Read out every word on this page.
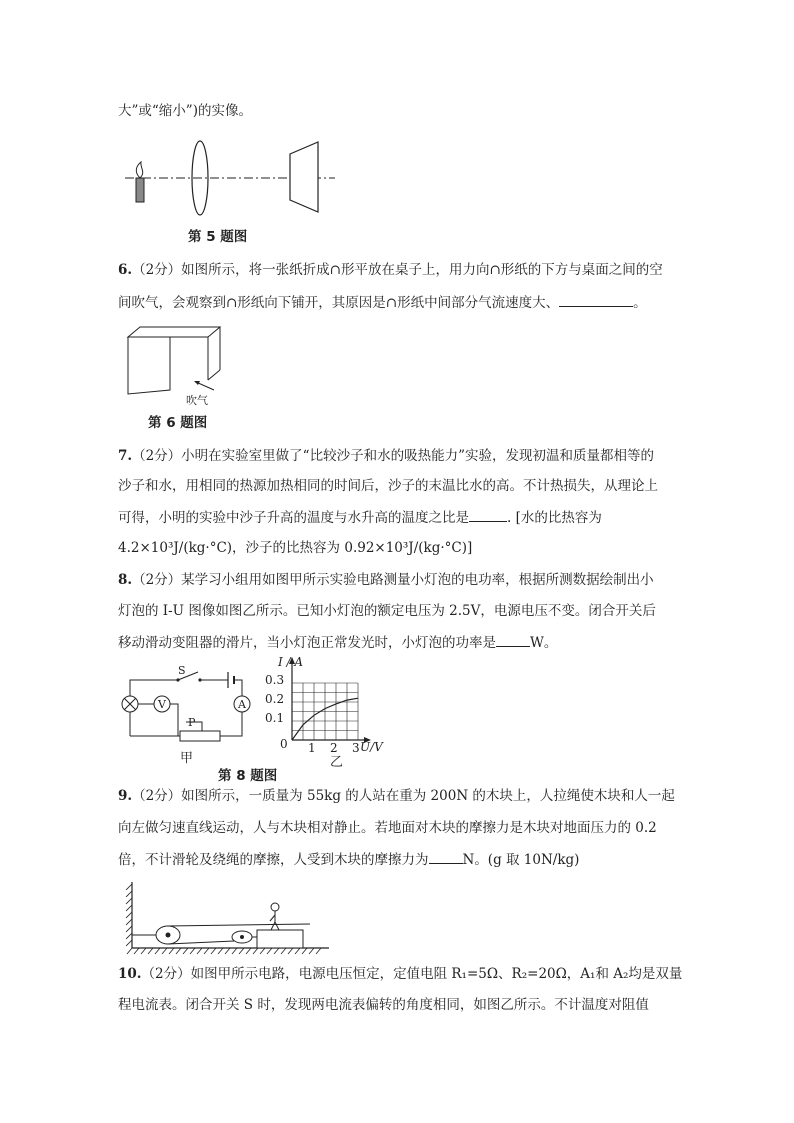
大”或“缩小”)的实像。
第 5 题图
6.（2分）如图所示，将一张纸折成∩形平放在桌子上，用力向∩形纸的下方与桌面之间的空
间吹气，会观察到∩形纸向下铺开，其原因是∩形纸中间部分气流速度大、	。
吹气
第 6 题图
7.（2分）小明在实验室里做了“比较沙子和水的吸热能力”实验，发现初温和质量都相等的
沙子和水，用相同的热源加热相同的时间后，沙子的末温比水的高。不计热损失，从理论上
可得，小明的实验中沙子升高的温度与水升高的温度之比是	. [水的比热容为
4.2×10³J/(kg·°C)，沙子的比热容为 0.92×10³J/(kg·°C)]
8.（2分）某学习小组用如图甲所示实验电路测量小灯泡的电功率，根据所测数据绘制出小
灯泡的 I-U 图像如图乙所示。已知小灯泡的额定电压为 2.5V，电源电压不变。闭合开关后
移动滑动变阻器的滑片，当小灯泡正常发光时，小灯泡的功率是	W。
S
V	A
P
甲
I / A
U/V
0.3
0.2
0.1
0 1 2 3
乙
第 8 题图
9.（2分）如图所示，一质量为 55kg 的人站在重为 200N 的木块上，人拉绳使木块和人一起
向左做匀速直线运动，人与木块相对静止。若地面对木块的摩擦力是木块对地面压力的 0.2
倍，不计滑轮及绕绳的摩擦，人受到木块的摩擦力为	N。(g 取 10N/kg)
10.（2分）如图甲所示电路，电源电压恒定，定值电阻 R₁=5Ω、R₂=20Ω，A₁和 A₂均是双量
程电流表。闭合开关 S 时，发现两电流表偏转的角度相同，如图乙所示。不计温度对阻值
